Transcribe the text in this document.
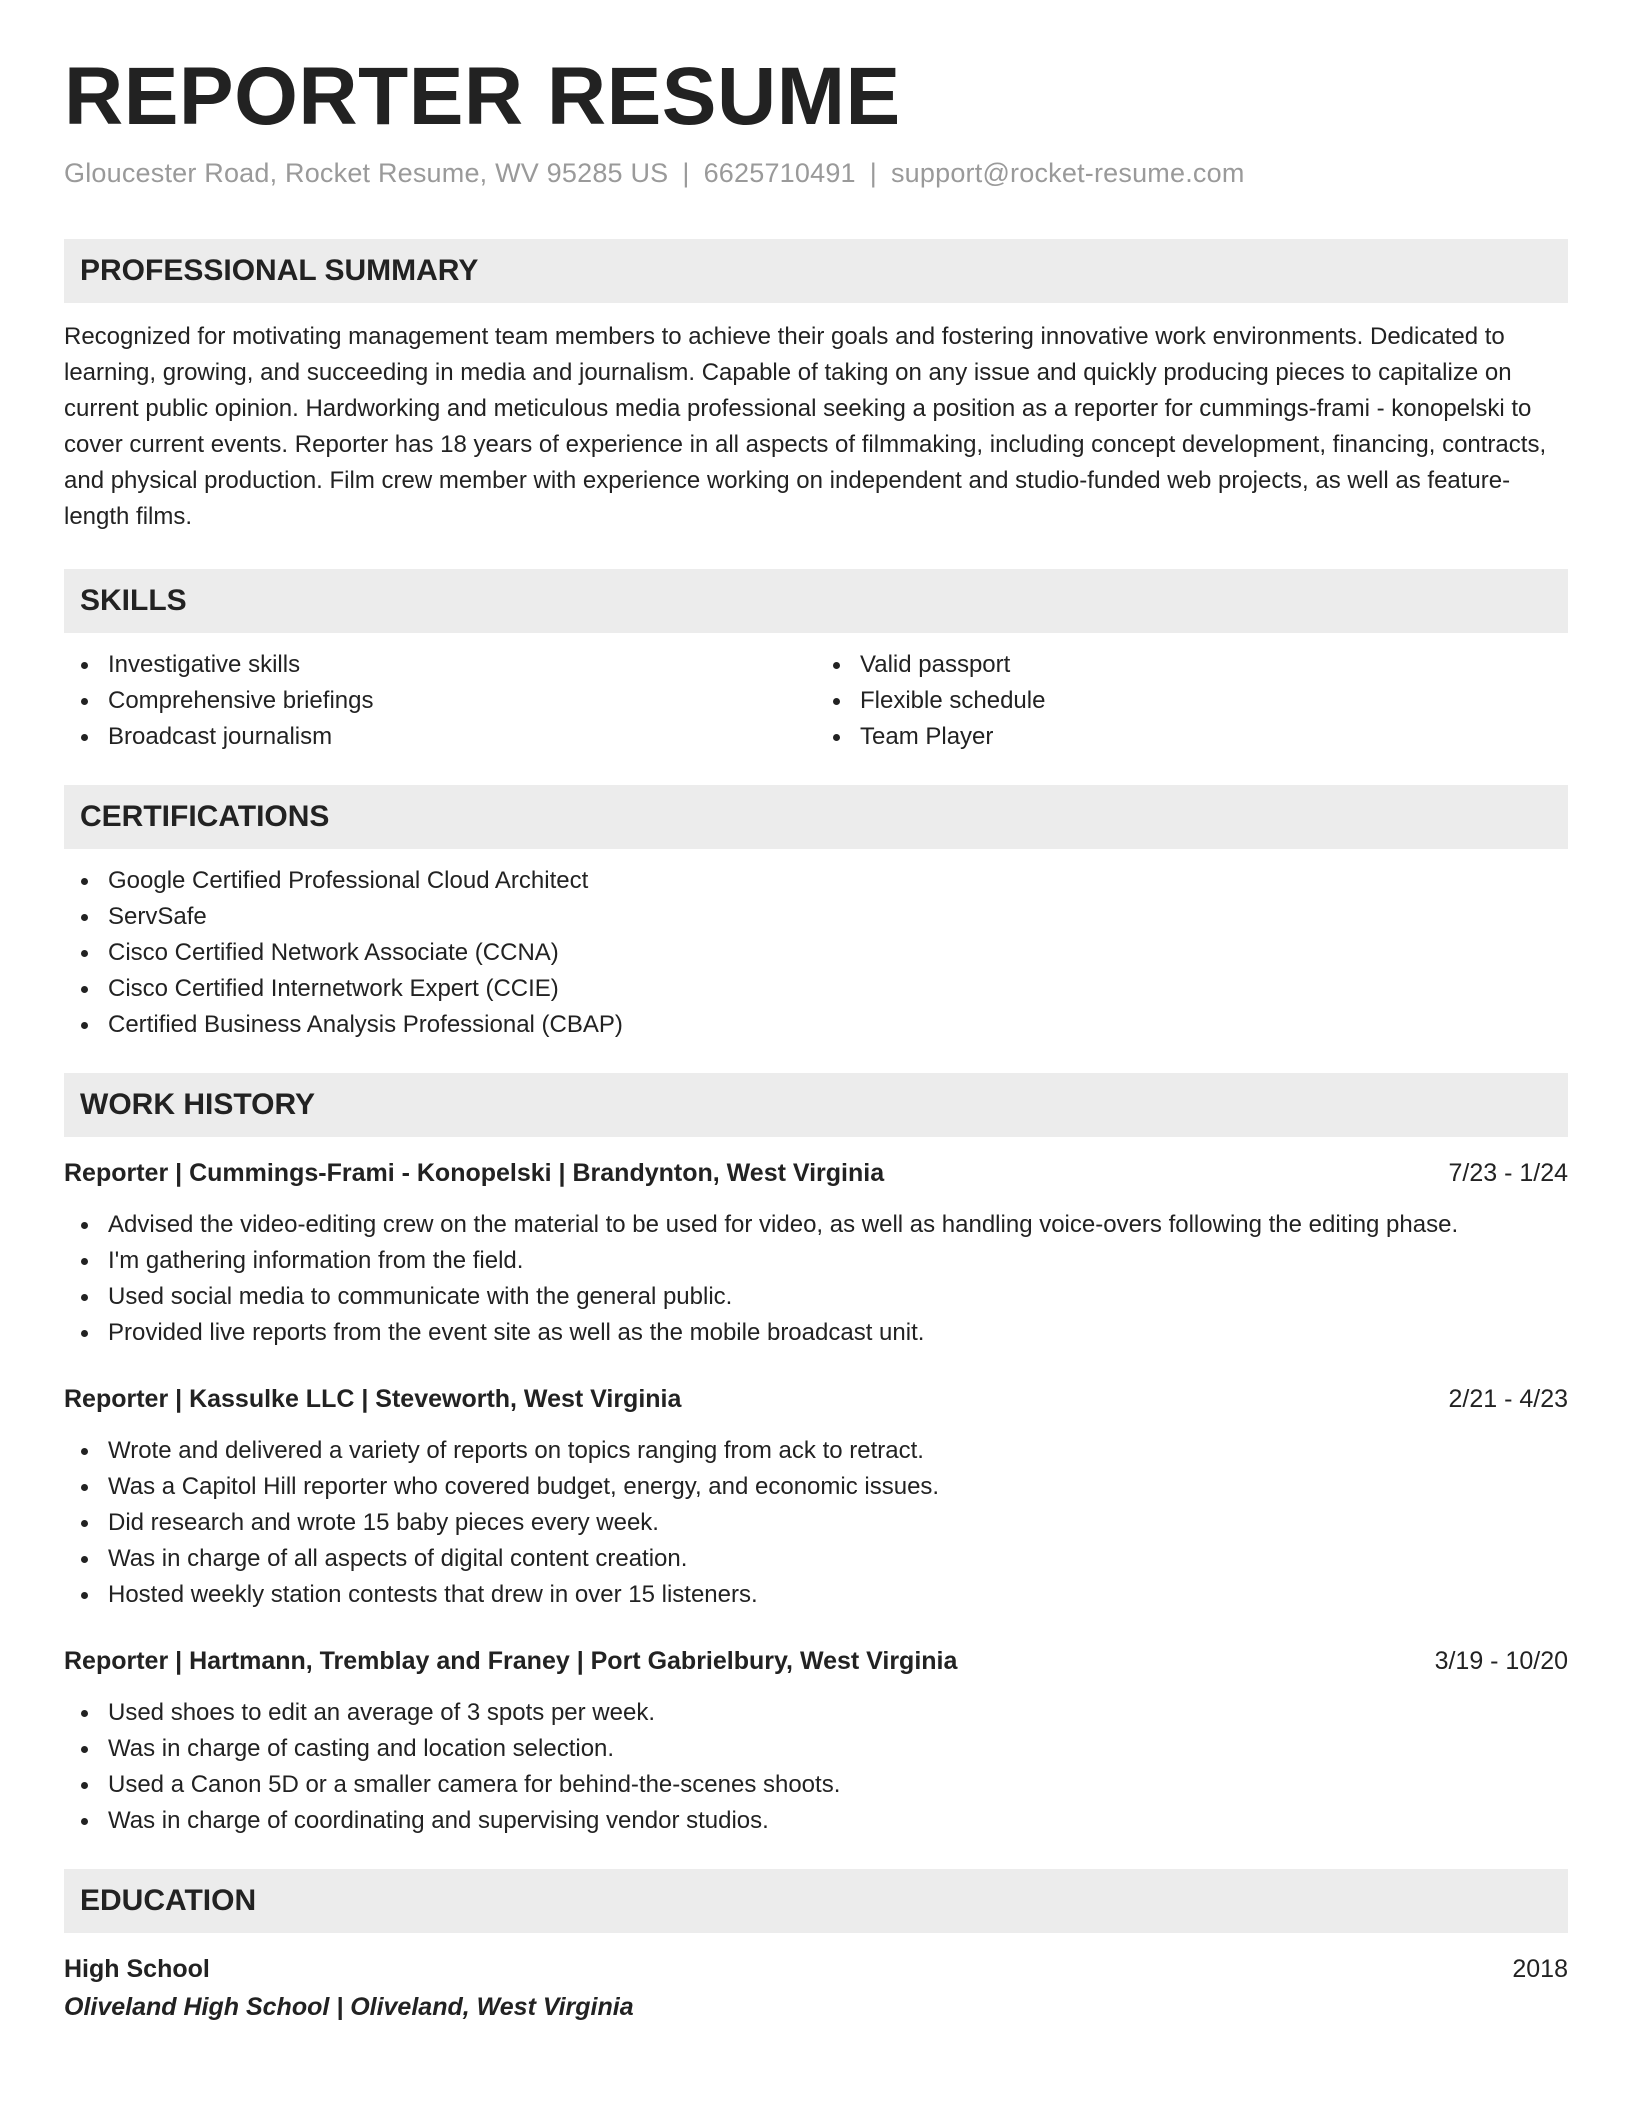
REPORTER RESUME
Gloucester Road, Rocket Resume, WV 95285 US | 6625710491 | support@rocket-resume.com
PROFESSIONAL SUMMARY
Recognized for motivating management team members to achieve their goals and fostering innovative work environments. Dedicated to learning, growing, and succeeding in media and journalism. Capable of taking on any issue and quickly producing pieces to capitalize on current public opinion. Hardworking and meticulous media professional seeking a position as a reporter for cummings-frami - konopelski to cover current events. Reporter has 18 years of experience in all aspects of filmmaking, including concept development, financing, contracts, and physical production. Film crew member with experience working on independent and studio-funded web projects, as well as feature-length films.
SKILLS
Investigative skills
Comprehensive briefings
Broadcast journalism
Valid passport
Flexible schedule
Team Player
CERTIFICATIONS
Google Certified Professional Cloud Architect
ServSafe
Cisco Certified Network Associate (CCNA)
Cisco Certified Internetwork Expert (CCIE)
Certified Business Analysis Professional (CBAP)
WORK HISTORY
Reporter | Cummings-Frami - Konopelski | Brandynton, West Virginia	7/23 - 1/24
Advised the video-editing crew on the material to be used for video, as well as handling voice-overs following the editing phase.
I'm gathering information from the field.
Used social media to communicate with the general public.
Provided live reports from the event site as well as the mobile broadcast unit.
Reporter | Kassulke LLC | Steveworth, West Virginia	2/21 - 4/23
Wrote and delivered a variety of reports on topics ranging from ack to retract.
Was a Capitol Hill reporter who covered budget, energy, and economic issues.
Did research and wrote 15 baby pieces every week.
Was in charge of all aspects of digital content creation.
Hosted weekly station contests that drew in over 15 listeners.
Reporter | Hartmann, Tremblay and Franey | Port Gabrielbury, West Virginia	3/19 - 10/20
Used shoes to edit an average of 3 spots per week.
Was in charge of casting and location selection.
Used a Canon 5D or a smaller camera for behind-the-scenes shoots.
Was in charge of coordinating and supervising vendor studios.
EDUCATION
High School	2018
Oliveland High School | Oliveland, West Virginia
